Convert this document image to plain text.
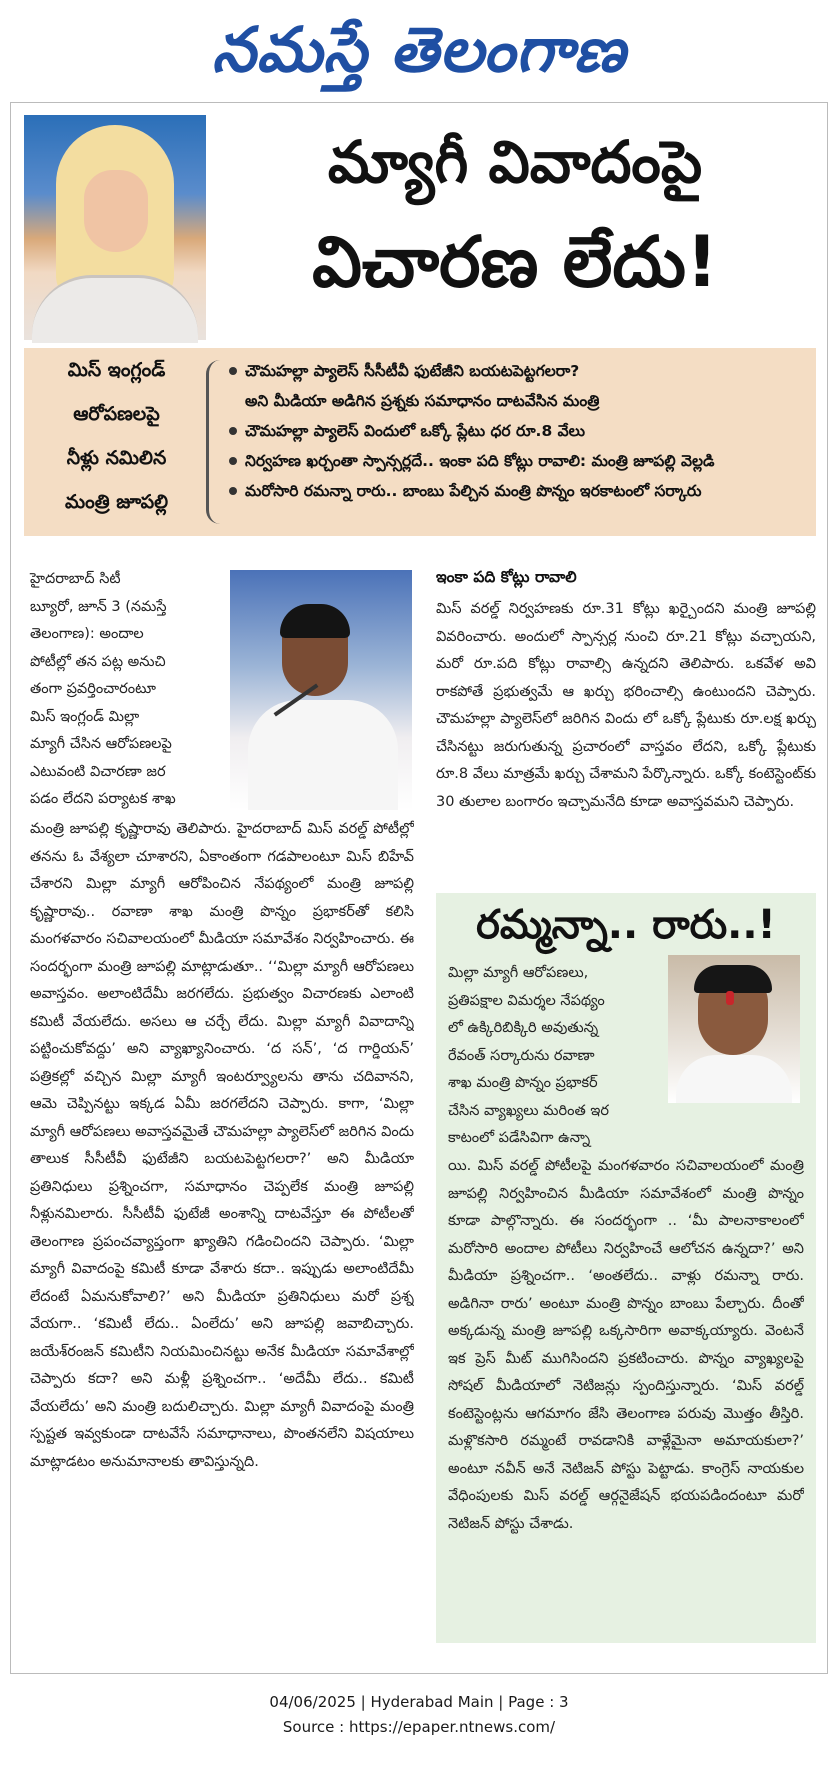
నమస్తే తెలంగాణ
మ్యాగీ వివాదంపై
విచారణ లేదు!
మిస్ ఇంగ్లండ్
ఆరోపణలపై
నీళ్లు నమిలిన
మంత్రి జూపల్లి
చౌమహల్లా ప్యాలెస్ సీసీటీవీ ఫుటేజీని బయటపెట్టగలరా?
అని మీడియా అడిగిన ప్రశ్నకు సమాధానం దాటవేసిన మంత్రి
చౌమహల్లా ప్యాలెస్ విందులో ఒక్కో ప్లేటు ధర రూ.8 వేలు
నిర్వహణ ఖర్చంతా స్పాన్సర్లదే.. ఇంకా పది కోట్లు రావాలి: మంత్రి జూపల్లి వెల్లడి
మరోసారి రమన్నా రారు.. బాంబు పేల్చిన మంత్రి పొన్నం ఇరకాటంలో సర్కారు

హైదరాబాద్ సిటీ

బ్యూరో, జూన్ 3 (నమస్తే

తెలంగాణ): అందాల

పోటీల్లో తన పట్ల అనుచి

తంగా ప్రవర్తించారంటూ

మిస్ ఇంగ్లండ్ మిల్లా

మ్యాగీ చేసిన ఆరోపణలపై

ఎటువంటి విచారణా జర

పడం లేదని పర్యాటక శాఖ

మంత్రి జూపల్లి కృష్ణారావు తెలిపారు. హైదరాబాద్ మిస్ వరల్డ్ పోటీల్లో తనను ఓ వేశ్యలా చూశారని, ఏకాంతంగా గడపాలంటూ మిస్ బిహేవ్ చేశారని మిల్లా మ్యాగీ ఆరోపించిన నేపథ్యంలో మంత్రి జూపల్లి కృష్ణారావు.. రవాణా శాఖ మంత్రి పొన్నం ప్రభాకర్‌తో కలిసి మంగళవారం సచివాలయంలో మీడియా సమావేశం నిర్వహించారు. ఈ సందర్భంగా మంత్రి జూపల్లి మాట్లాడుతూ.. ‘‘మిల్లా మ్యాగీ ఆరోపణలు అవాస్తవం. అలాంటిదేమీ జరగలేదు. ప్రభుత్వం విచారణకు ఎలాంటి కమిటీ వేయలేదు. అసలు ఆ చర్చే లేదు. మిల్లా మ్యాగీ వివాదాన్ని పట్టించుకోవద్దు’ అని వ్యాఖ్యానించారు. ‘ద సన్’, ‘ద గార్డియన్’ పత్రికల్లో వచ్చిన మిల్లా మ్యాగీ ఇంటర్వ్యూలను తాను చదివానని, ఆమె చెప్పినట్టు ఇక్కడ ఏమీ జరగలేదని చెప్పారు. కాగా, ‘మిల్లా మ్యాగీ ఆరోపణలు అవాస్తవమైతే చౌమహల్లా ప్యాలెస్‌లో జరిగిన విందు తాలుక సీసీటీవీ ఫుటేజీని బయటపెట్టగలరా?’ అని మీడియా ప్రతినిధులు ప్రశ్నించగా, సమాధానం చెప్పలేక మంత్రి జూపల్లి నీళ్లునమిలారు. సీసీటీవీ ఫుటేజీ అంశాన్ని దాటవేస్తూ ఈ పోటీలతో తెలంగాణ ప్రపంచవ్యాప్తంగా ఖ్యాతిని గడించిందని చెప్పారు. ‘మిల్లా మ్యాగీ వివాదంపై కమిటీ కూడా వేశారు కదా.. ఇప్పుడు అలాంటిదేమీ లేదంటే ఏమనుకోవాలి?’ అని మీడియా ప్రతినిధులు మరో ప్రశ్న వేయగా.. ‘కమిటీ లేదు.. ఏంలేదు’ అని జూపల్లి జవాబిచ్చారు. జయేశ్‌రంజన్ కమిటీని నియమించినట్టు అనేక మీడియా సమావేశాల్లో చెప్పారు కదా? అని మళ్లీ ప్రశ్నించగా.. ‘అదేమీ లేదు.. కమిటీ వేయలేదు’ అని మంత్రి బదులిచ్చారు. మిల్లా మ్యాగీ వివాదంపై మంత్రి స్పష్టత ఇవ్వకుండా దాటవేసే సమాధానాలు, పొంతనలేని విషయాలు మాట్లాడటం అనుమానాలకు తావిస్తున్నది.

ఇంకా పది కోట్లు రావాలి

మిస్ వరల్డ్ నిర్వహణకు రూ.31 కోట్లు ఖర్చైందని మంత్రి జూపల్లి వివరించారు. అందులో స్పాన్సర్ల నుంచి రూ.21 కోట్లు వచ్చాయని, మరో రూ.పది కోట్లు రావాల్సి ఉన్నదని తెలిపారు. ఒకవేళ అవి రాకపోతే ప్రభుత్వమే ఆ ఖర్చు భరించాల్సి ఉంటుందని చెప్పారు. చౌమహల్లా ప్యాలెస్‌లో జరిగిన విందు లో ఒక్కో ప్లేటుకు రూ.లక్ష ఖర్చు చేసినట్టు జరుగుతున్న ప్రచారంలో వాస్తవం లేదని, ఒక్కో ప్లేటుకు రూ.8 వేలు మాత్రమే ఖర్చు చేశామని పేర్కొన్నారు. ఒక్కో కంటెస్టెంట్‌కు 30 తులాల బంగారం ఇచ్చామనేది కూడా అవాస్తవమని చెప్పారు.

రమ్మన్నా.. రారు..!

మిల్లా మ్యాగీ ఆరోపణలు,

ప్రతిపక్షాల విమర్శల నేపథ్యం

లో ఉక్కిరిబిక్కిరి అవుతున్న

రేవంత్ సర్కారును రవాణా

శాఖ మంత్రి పొన్నం ప్రభాకర్

చేసిన వ్యాఖ్యలు మరింత ఇర

కాటంలో పడేసివిగా ఉన్నా

యి. మిస్ వరల్డ్ పోటీలపై మంగళవారం సచివాలయంలో మంత్రి జూపల్లి నిర్వహించిన మీడియా సమావేశంలో మంత్రి పొన్నం కూడా పాల్గొన్నారు. ఈ సందర్భంగా .. ‘మీ పాలనాకాలంలో మరోసారి అందాల పోటీలు నిర్వహించే ఆలోచన ఉన్నదా?’ అని మీడియా ప్రశ్నించగా.. ‘అంతలేదు.. వాళ్లు రమన్నా రారు. అడిగినా రారు’ అంటూ మంత్రి పొన్నం బాంబు పేల్చారు. దీంతో అక్కడున్న మంత్రి జూపల్లి ఒక్కసారిగా అవాక్కయ్యారు. వెంటనే ఇక ప్రెస్ మీట్ ముగిసిందని ప్రకటించారు. పొన్నం వ్యాఖ్యలపై సోషల్ మీడియాలో నెటిజన్లు స్పందిస్తున్నారు. ‘మిస్ వరల్డ్ కంటెస్టెంట్లను ఆగమాగం జేసి తెలంగాణ పరువు మొత్తం తీస్తిరి. మళ్లొకసారి రమ్మంటే రావడానికి వాళ్లేమైనా అమాయకులా?’ అంటూ నవీన్ అనే నెటిజన్ పోస్టు పెట్టాడు. కాంగ్రెస్ నాయకుల వేధింపులకు మిస్ వరల్డ్ ఆర్గనైజేషన్ భయపడిందంటూ మరో నెటిజన్ పోస్టు చేశాడు.

04/06/2025 | Hyderabad Main | Page : 3
Source : https://epaper.ntnews.com/
